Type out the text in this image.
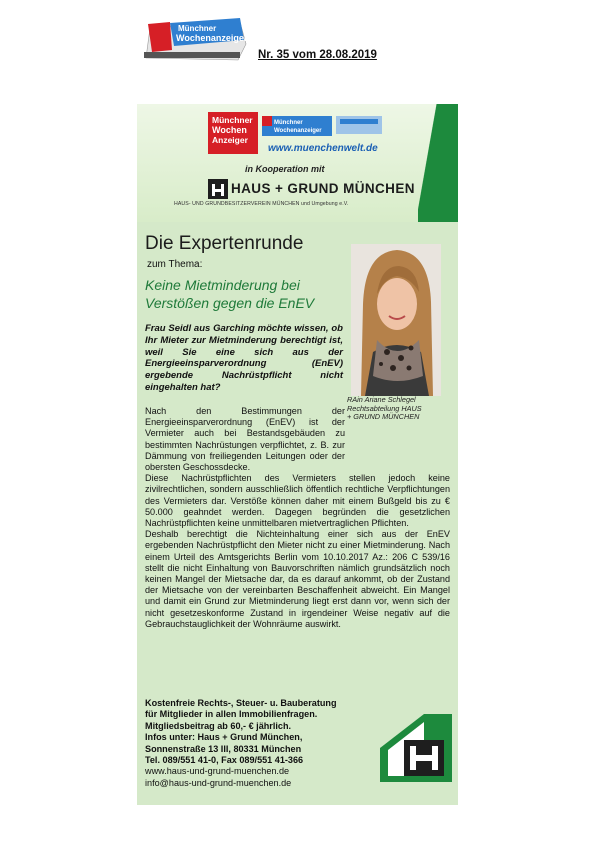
Münchner
Wochenanzeiger
Nr. 35 vom 28.08.2019
Münchner
Wochen
Anzeiger
Münchner
Wochenanzeiger
www.muenchenwelt.de
in Kooperation mit
HAUS + GRUND MÜNCHEN
HAUS- UND GRUNDBESITZERVEREIN MÜNCHEN und Umgebung e.V.
Die Expertenrunde
zum Thema:
Keine Mietminderung bei
Verstößen gegen die EnEV
Frau Seidl aus Garching möchte wissen, ob Ihr Mieter zur Mietminderung berechtigt ist, weil Sie eine sich aus der Energieeinsparverordnung (EnEV) ergebende Nachrüstpflicht nicht eingehalten hat?
RAin Ariane Schlegel
Rechtsabteilung HAUS
+ GRUND MÜNCHEN

Nach den Bestimmungen der Energieeinsparverordnung (EnEV) ist der Vermieter auch bei Bestandsgebäuden zu bestimmten Nachrüstungen verpflichtet, z. B. zur Dämmung von freiliegenden Leitungen oder der obersten Geschossdecke.

Diese Nachrüstpflichten des Vermieters stellen jedoch keine zivilrechtlichen, sondern ausschließlich öffentlich rechtliche Verpflichtungen des Vermieters dar. Verstöße können daher mit einem Bußgeld bis zu € 50.000 geahndet werden. Dagegen begründen die gesetzlichen Nachrüstpflichten keine unmittelbaren mietvertraglichen Pflichten.

Deshalb berechtigt die Nichteinhaltung einer sich aus der EnEV ergebenden Nachrüstpflicht den Mieter nicht zu einer Mietminderung. Nach einem Urteil des Amtsgerichts Berlin vom 10.10.2017 Az.: 206 C 539/16 stellt die nicht Einhaltung von Bauvorschriften nämlich grundsätzlich noch keinen Mangel der Mietsache dar, da es darauf ankommt, ob der Zustand der Mietsache von der vereinbarten Beschaffenheit abweicht. Ein Mangel und damit ein Grund zur Mietminderung liegt erst dann vor, wenn sich der nicht gesetzeskonforme Zustand in irgendeiner Weise negativ auf die Gebrauchstauglichkeit der Wohnräume auswirkt.

Kostenfreie Rechts-, Steuer- u. Bauberatung
für Mitglieder in allen Immobilienfragen.
Mitgliedsbeitrag ab 60,- € jährlich.
Infos unter: Haus + Grund München,
Sonnenstraße 13 III, 80331 München
Tel. 089/551 41-0, Fax 089/551 41-366
www.haus-und-grund-muenchen.de
info@haus-und-grund-muenchen.de
